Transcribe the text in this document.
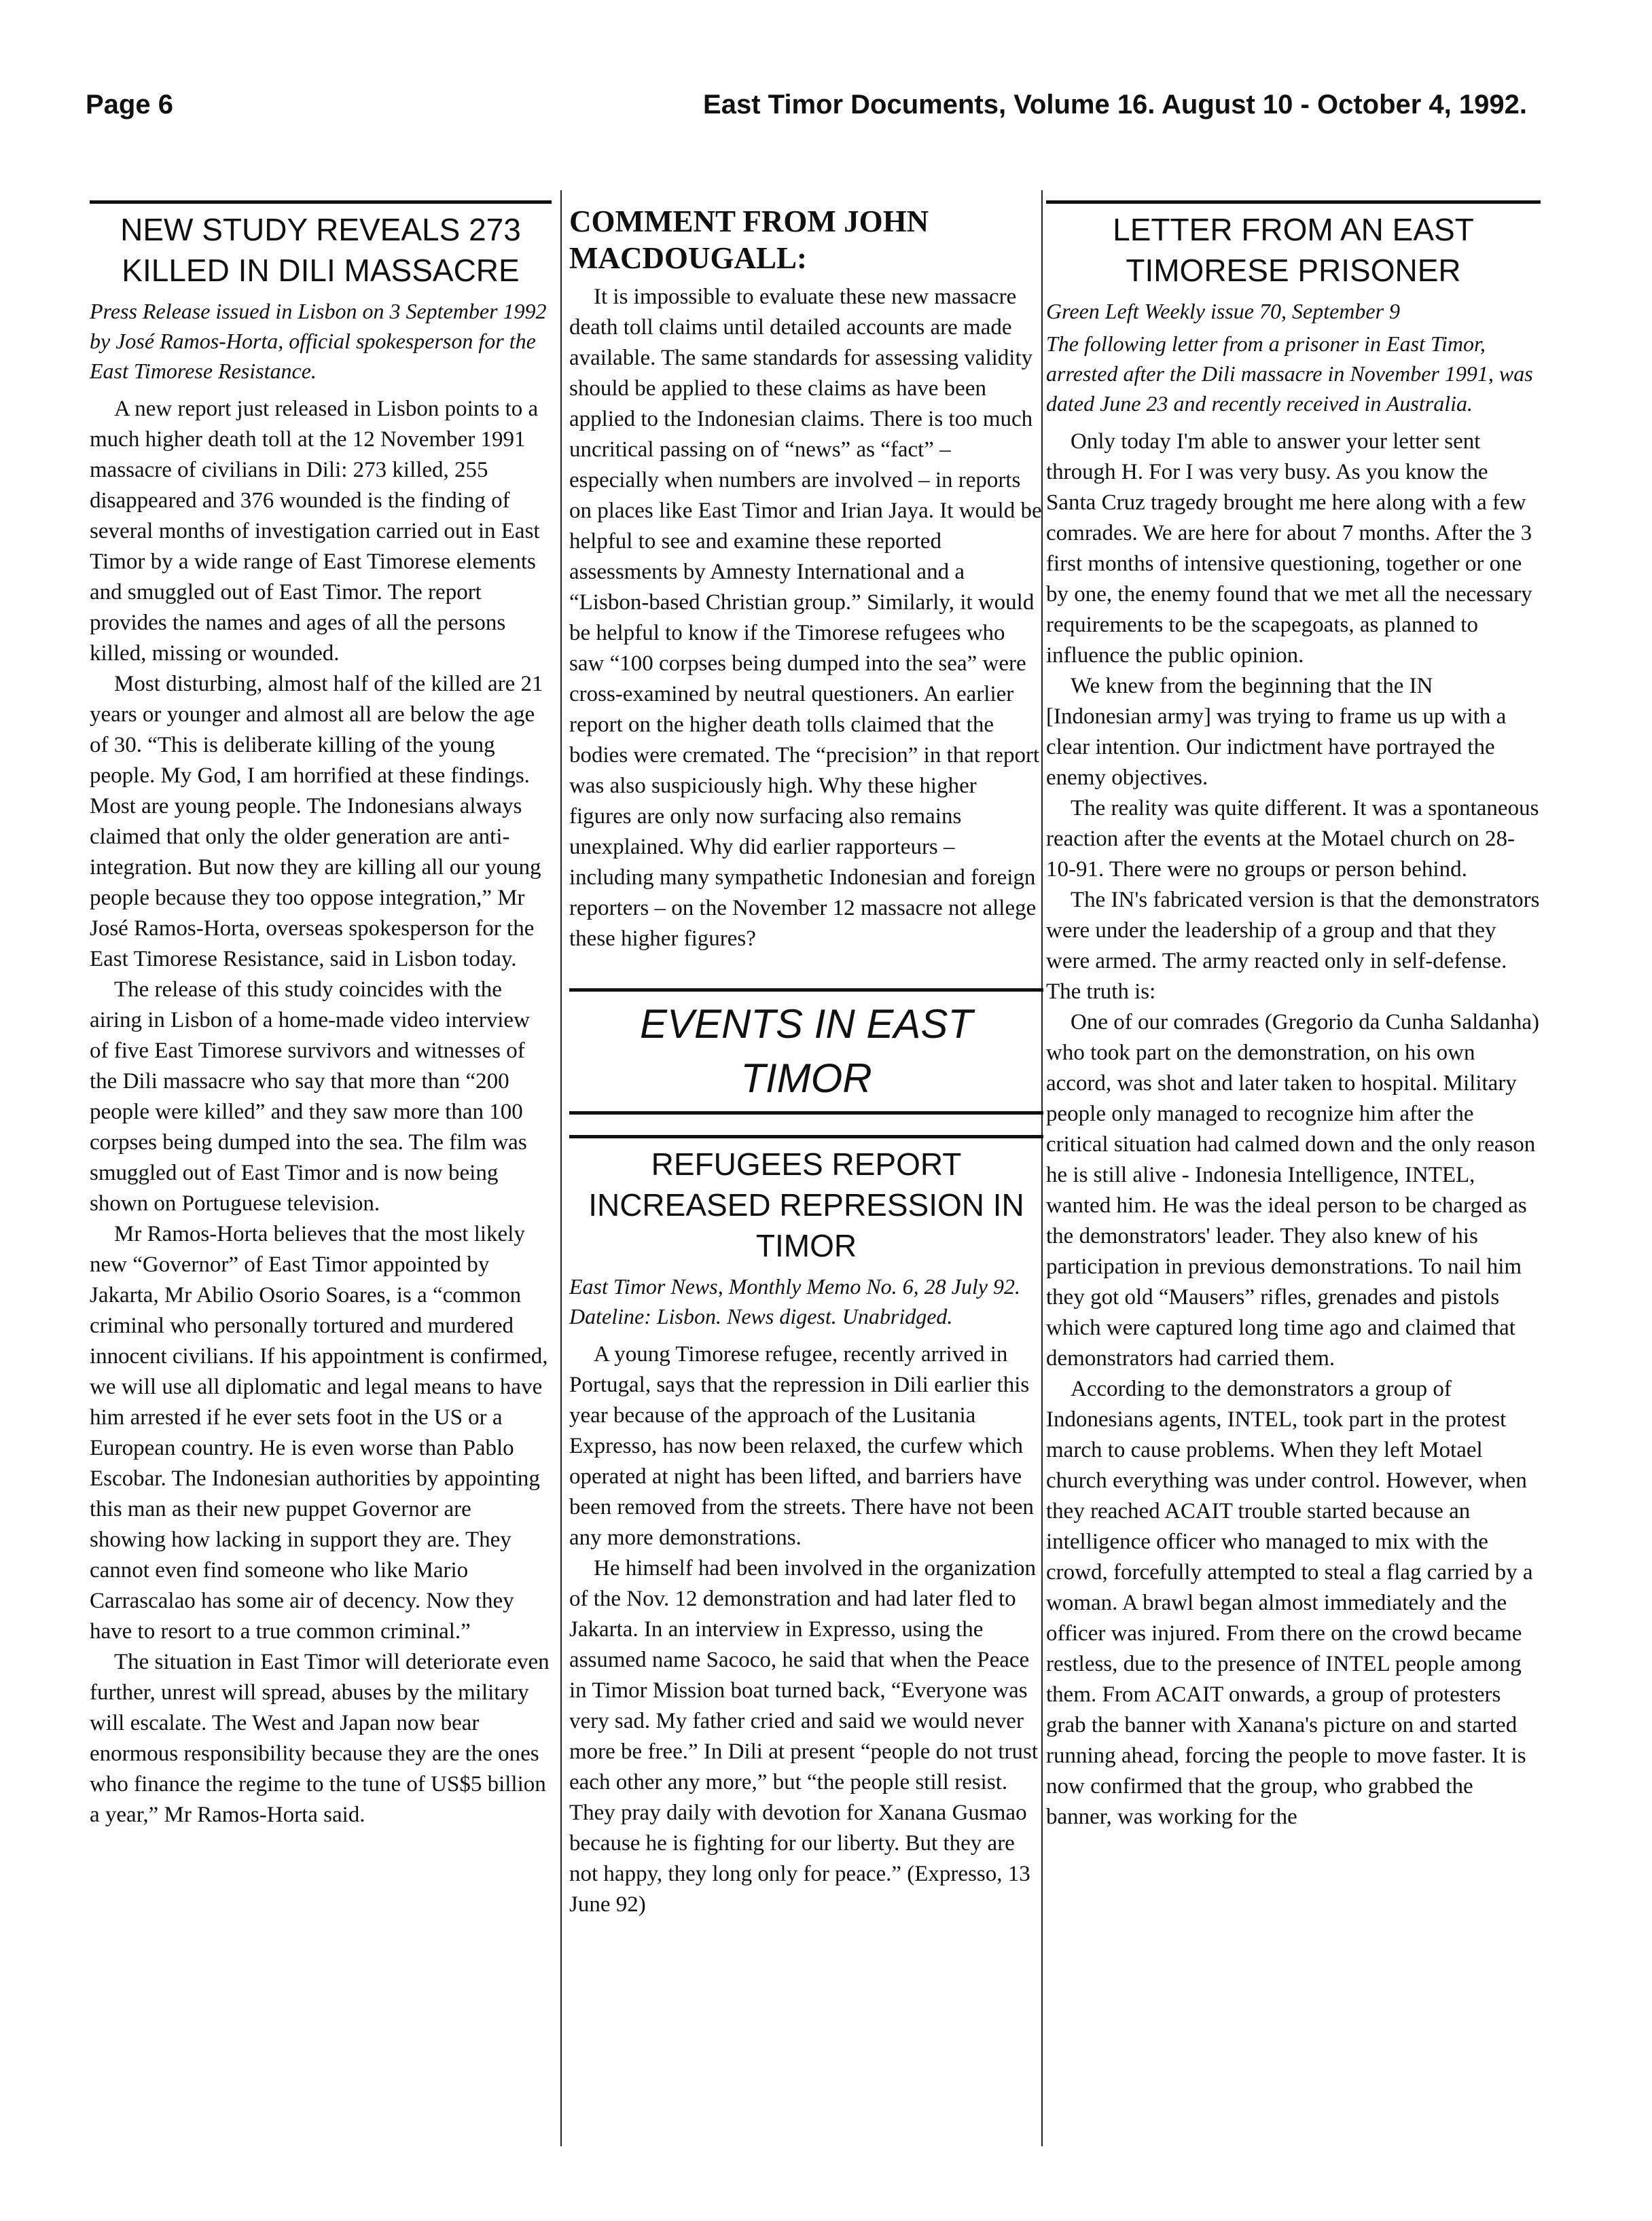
Page 6	East Timor Documents, Volume 16. August 10 - October 4, 1992.
NEW STUDY REVEALS 273 KILLED IN DILI MASSACRE
Press Release issued in Lisbon on 3 September 1992 by José Ramos-Horta, official spokesperson for the East Timorese Resistance.

A new report just released in Lisbon points to a much higher death toll at the 12 November 1991 massacre of civilians in Dili: 273 killed, 255 disappeared and 376 wounded is the finding of several months of investigation carried out in East Timor by a wide range of East Timorese elements and smuggled out of East Timor. The report provides the names and ages of all the persons killed, missing or wounded.

Most disturbing, almost half of the killed are 21 years or younger and almost all are below the age of 30. “This is deliberate killing of the young people. My God, I am horrified at these findings. Most are young people. The Indonesians always claimed that only the older generation are anti- integration. But now they are killing all our young people because they too oppose integration,” Mr José Ramos-Horta, overseas spokesperson for the East Timorese Resistance, said in Lisbon today.

The release of this study coincides with the airing in Lisbon of a home-made video interview of five East Timorese survivors and witnesses of the Dili massacre who say that more than “200 people were killed” and they saw more than 100 corpses being dumped into the sea. The film was smuggled out of East Timor and is now being shown on Portuguese television.

Mr Ramos-Horta believes that the most likely new “Governor” of East Timor appointed by Jakarta, Mr Abilio Osorio Soares, is a “common criminal who personally tortured and murdered innocent civilians. If his appointment is confirmed, we will use all diplomatic and legal means to have him arrested if he ever sets foot in the US or a European country. He is even worse than Pablo Escobar. The Indonesian authorities by appointing this man as their new puppet Governor are showing how lacking in support they are. They cannot even find someone who like Mario Carrascalao has some air of decency. Now they have to resort to a true common criminal.”

The situation in East Timor will deteriorate even further, unrest will spread, abuses by the military will escalate. The West and Japan now bear enormous responsibility because they are the ones who finance the regime to the tune of US$5 billion a year,” Mr Ramos-Horta said.

COMMENT FROM JOHN MACDOUGALL:

It is impossible to evaluate these new massacre death toll claims until detailed accounts are made available. The same standards for assessing validity should be applied to these claims as have been applied to the Indonesian claims. There is too much uncritical passing on of “news” as “fact” – especially when numbers are involved – in reports on places like East Timor and Irian Jaya. It would be helpful to see and examine these reported assessments by Amnesty International and a “Lisbon-based Christian group.” Similarly, it would be helpful to know if the Timorese refugees who saw “100 corpses being dumped into the sea” were cross-examined by neutral questioners. An earlier report on the higher death tolls claimed that the bodies were cremated. The “precision” in that report was also suspiciously high. Why these higher figures are only now surfacing also remains unexplained. Why did earlier rapporteurs – including many sympathetic Indonesian and foreign reporters – on the November 12 massacre not allege these higher figures?

EVENTS IN EAST TIMOR
REFUGEES REPORT INCREASED REPRESSION IN TIMOR
East Timor News, Monthly Memo No. 6, 28 July 92. Dateline: Lisbon. News digest. Unabridged.

A young Timorese refugee, recently arrived in Portugal, says that the repression in Dili earlier this year because of the approach of the Lusitania Expresso, has now been relaxed, the curfew which operated at night has been lifted, and barriers have been removed from the streets. There have not been any more demonstrations.

He himself had been involved in the organization of the Nov. 12 demonstration and had later fled to Jakarta. In an interview in Expresso, using the assumed name Sacoco, he said that when the Peace in Timor Mission boat turned back, “Everyone was very sad. My father cried and said we would never more be free.” In Dili at present “people do not trust each other any more,” but “the people still resist. They pray daily with devotion for Xanana Gusmao because he is fighting for our liberty. But they are not happy, they long only for peace.” (Expresso, 13 June 92)

LETTER FROM AN EAST TIMORESE PRISONER
Green Left Weekly issue 70, September 9
The following letter from a prisoner in East Timor, arrested after the Dili massacre in November 1991, was dated June 23 and recently received in Australia.

Only today I'm able to answer your letter sent through H. For I was very busy. As you know the Santa Cruz tragedy brought me here along with a few comrades. We are here for about 7 months. After the 3 first months of intensive questioning, together or one by one, the enemy found that we met all the necessary requirements to be the scapegoats, as planned to influence the public opinion.

We knew from the beginning that the IN [Indonesian army] was trying to frame us up with a clear intention. Our indictment have portrayed the enemy objectives.

The reality was quite different. It was a spontaneous reaction after the events at the Motael church on 28-10-91. There were no groups or person behind.

The IN's fabricated version is that the demonstrators were under the leadership of a group and that they were armed. The army reacted only in self-defense.

The truth is:

One of our comrades (Gregorio da Cunha Saldanha) who took part on the demonstration, on his own accord, was shot and later taken to hospital. Military people only managed to recognize him after the critical situation had calmed down and the only reason he is still alive - Indonesia Intelligence, INTEL, wanted him. He was the ideal person to be charged as the demonstrators' leader. They also knew of his participation in previous demonstrations. To nail him they got old “Mausers” rifles, grenades and pistols which were captured long time ago and claimed that demonstrators had carried them.

According to the demonstrators a group of Indonesians agents, INTEL, took part in the protest march to cause problems. When they left Motael church everything was under control. However, when they reached ACAIT trouble started because an intelligence officer who managed to mix with the crowd, forcefully attempted to steal a flag carried by a woman. A brawl began almost immediately and the officer was injured. From there on the crowd became restless, due to the presence of INTEL people among them. From ACAIT onwards, a group of protesters grab the banner with Xanana's picture on and started running ahead, forcing the people to move faster. It is now confirmed that the group, who grabbed the banner, was working for the
